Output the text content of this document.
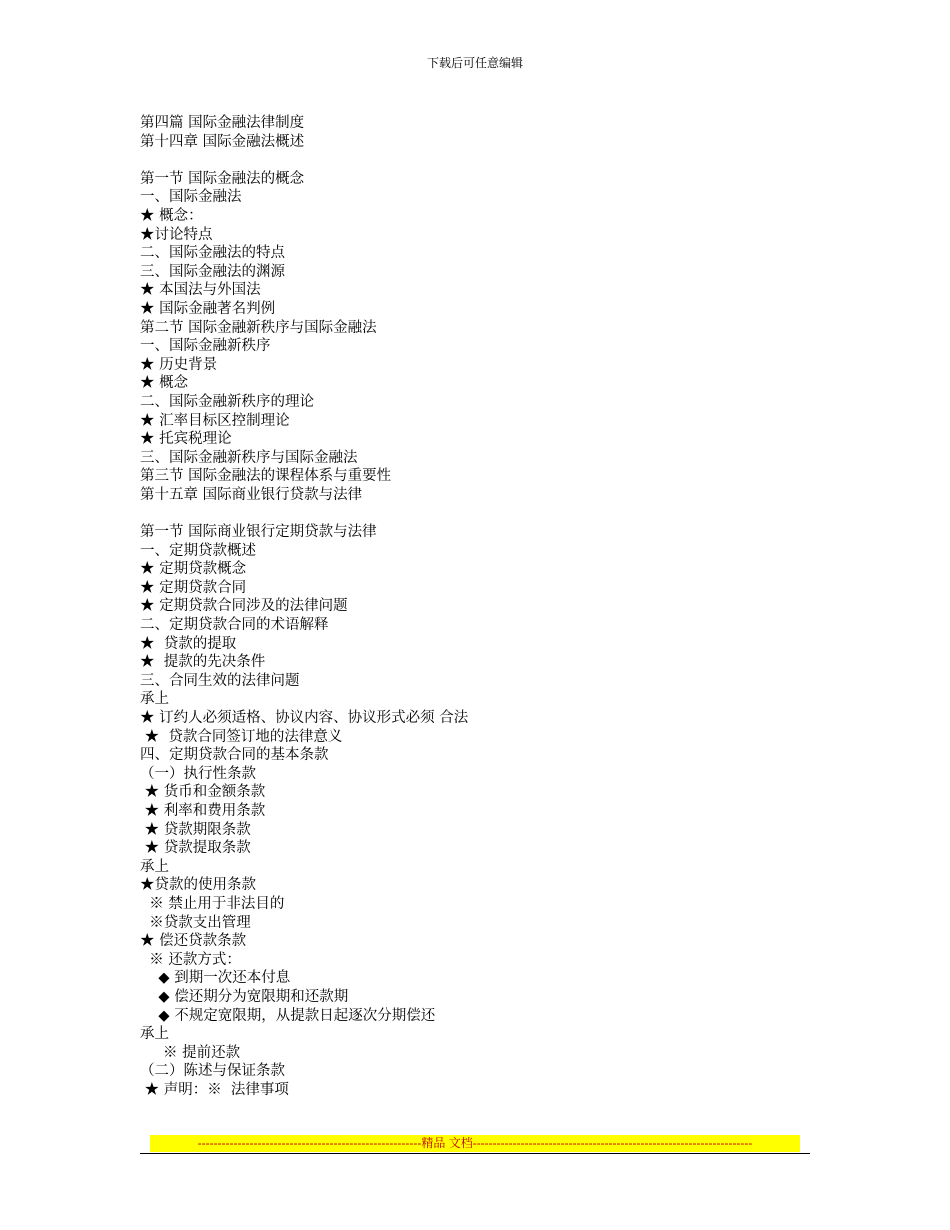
下载后可任意编辑
第四篇 国际金融法律制度
第十四章 国际金融法概述
第一节 国际金融法的概念
一、国际金融法
★ 概念：
★讨论特点
二、国际金融法的特点
三、国际金融法的渊源
★ 本国法与外国法
★ 国际金融著名判例
第二节 国际金融新秩序与国际金融法
一、国际金融新秩序
★ 历史背景
★ 概念
二、国际金融新秩序的理论
★ 汇率目标区控制理论
★ 托宾税理论
三、国际金融新秩序与国际金融法
第三节 国际金融法的课程体系与重要性
第十五章 国际商业银行贷款与法律
第一节 国际商业银行定期贷款与法律
一、定期贷款概述
★ 定期贷款概念
★ 定期贷款合同
★ 定期贷款合同涉及的法律问题
二、定期贷款合同的术语解释
★  贷款的提取
★  提款的先决条件
三、合同生效的法律问题
承上
★ 订约人必须适格、协议内容、协议形式必须 合法
★  贷款合同签订地的法律意义
四、定期贷款合同的基本条款
（一）执行性条款
★ 货币和金额条款
★ 利率和费用条款
★ 贷款期限条款
★ 贷款提取条款
承上
★贷款的使用条款
※ 禁止用于非法目的
※贷款支出管理
★ 偿还贷款条款
※ 还款方式：
◆ 到期一次还本付息
◆ 偿还期分为宽限期和还款期
◆ 不规定宽限期，从提款日起逐次分期偿还
承上
※ 提前还款
（二）陈述与保证条款
★ 声明：※  法律事项
--------------------------------------------------------精品 文档----------------------------------------------------------------------
